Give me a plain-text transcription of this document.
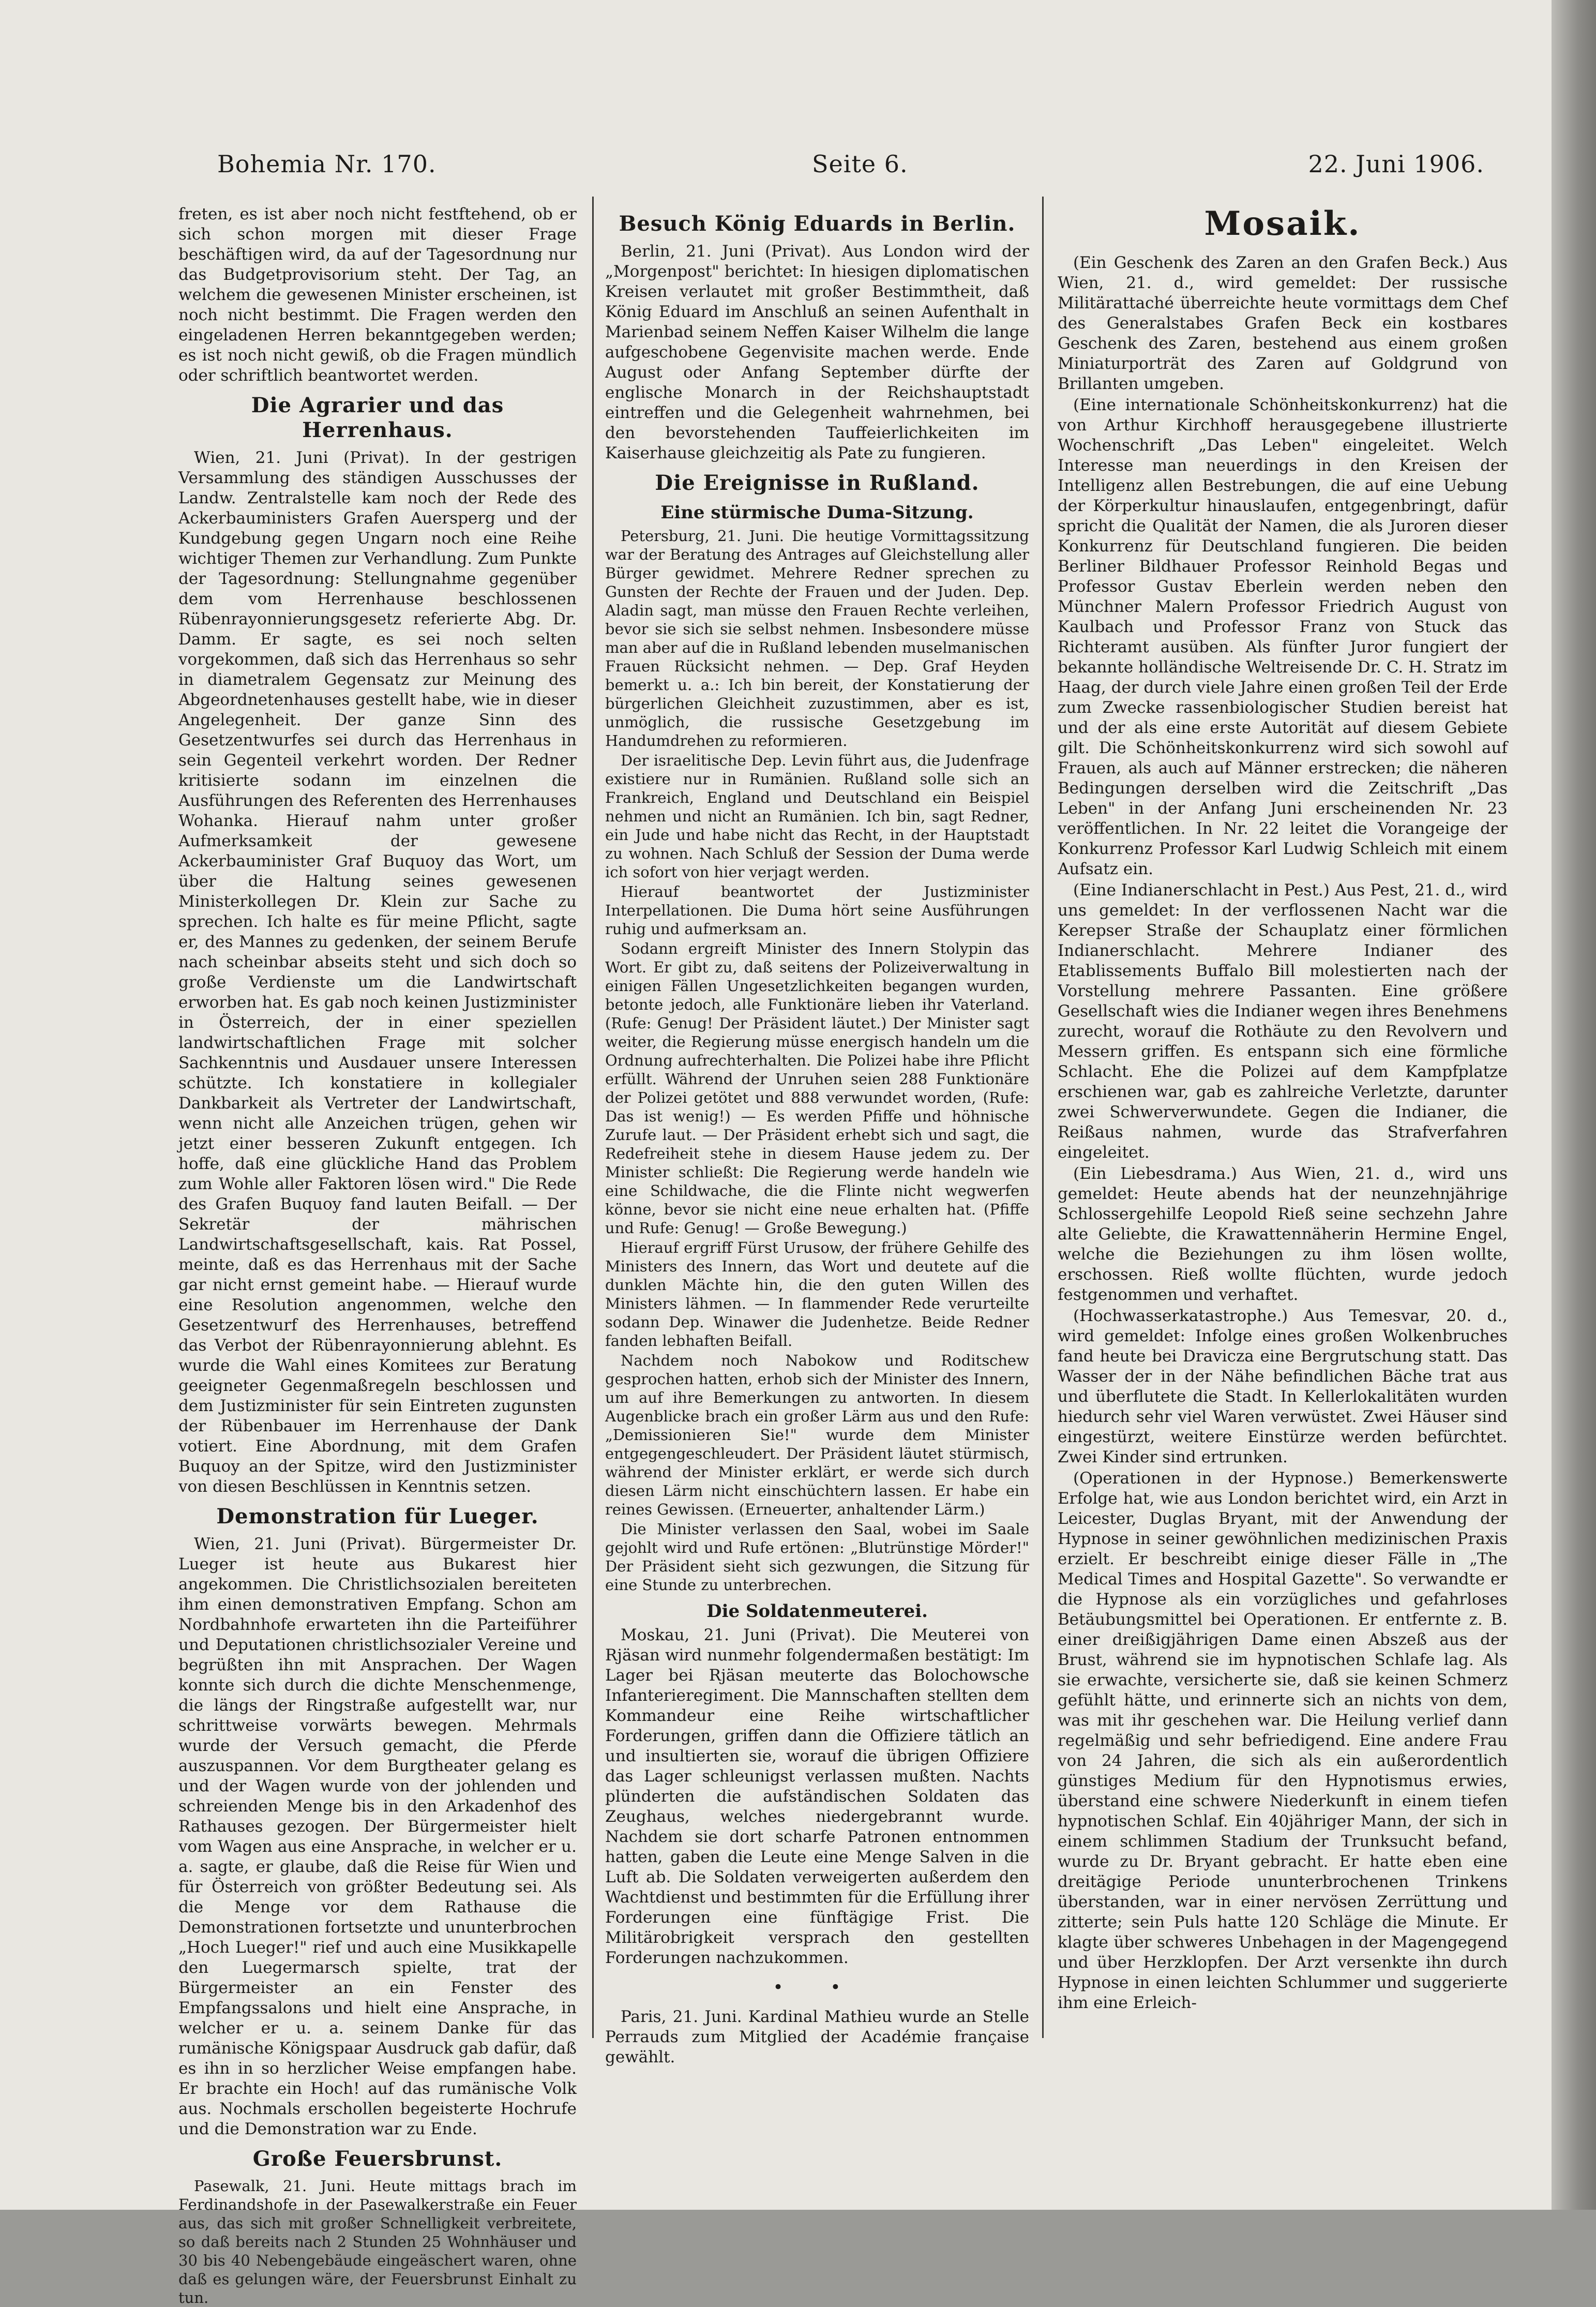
Bohemia Nr. 170.	Seite 6.	22. Juni 1906.

freten, es ist aber noch nicht festftehend, ob er sich schon morgen mit dieser Frage beschäftigen wird, da auf der Tagesordnung nur das Budgetprovisorium steht. Der Tag, an welchem die gewesenen Minister erscheinen, ist noch nicht bestimmt. Die Fragen werden den eingeladenen Herren bekanntgegeben werden; es ist noch nicht gewiß, ob die Fragen mündlich oder schriftlich beantwortet werden.

Die Agrarier und das Herrenhaus.

Wien, 21. Juni (Privat). In der gestrigen Versammlung des ständigen Ausschusses der Landw. Zentralstelle kam noch der Rede des Ackerbauministers Grafen Auersperg und der Kundgebung gegen Ungarn noch eine Reihe wichtiger Themen zur Verhandlung. Zum Punkte der Tagesordnung: Stellungnahme gegenüber dem vom Herrenhause beschlossenen Rübenrayonnierungsgesetz referierte Abg. Dr. Damm. Er sagte, es sei noch selten vorgekommen, daß sich das Herrenhaus so sehr in diametralem Gegensatz zur Meinung des Abgeordnetenhauses gestellt habe, wie in dieser Angelegenheit. Der ganze Sinn des Gesetzentwurfes sei durch das Herrenhaus in sein Gegenteil verkehrt worden. Der Redner kritisierte sodann im einzelnen die Ausführungen des Referenten des Herrenhauses Wohanka. Hierauf nahm unter großer Aufmerksamkeit der gewesene Ackerbauminister Graf Buquoy das Wort, um über die Haltung seines gewesenen Ministerkollegen Dr. Klein zur Sache zu sprechen. Ich halte es für meine Pflicht, sagte er, des Mannes zu gedenken, der seinem Berufe nach scheinbar abseits steht und sich doch so große Verdienste um die Landwirtschaft erworben hat. Es gab noch keinen Justizminister in Österreich, der in einer speziellen landwirtschaftlichen Frage mit solcher Sachkenntnis und Ausdauer unsere Interessen schützte. Ich konstatiere in kollegialer Dankbarkeit als Vertreter der Landwirtschaft, wenn nicht alle Anzeichen trügen, gehen wir jetzt einer besseren Zukunft entgegen. Ich hoffe, daß eine glückliche Hand das Problem zum Wohle aller Faktoren lösen wird." Die Rede des Grafen Buquoy fand lauten Beifall. — Der Sekretär der mährischen Landwirtschaftsgesellschaft, kais. Rat Possel, meinte, daß es das Herrenhaus mit der Sache gar nicht ernst gemeint habe. — Hierauf wurde eine Resolution angenommen, welche den Gesetzentwurf des Herrenhauses, betreffend das Verbot der Rübenrayonnierung ablehnt. Es wurde die Wahl eines Komitees zur Beratung geeigneter Gegenmaßregeln beschlossen und dem Justizminister für sein Eintreten zugunsten der Rübenbauer im Herrenhause der Dank votiert. Eine Abordnung, mit dem Grafen Buquoy an der Spitze, wird den Justizminister von diesen Beschlüssen in Kenntnis setzen.

Demonstration für Lueger.

Wien, 21. Juni (Privat). Bürgermeister Dr. Lueger ist heute aus Bukarest hier angekommen. Die Christlichsozialen bereiteten ihm einen demonstrativen Empfang. Schon am Nordbahnhofe erwarteten ihn die Parteiführer und Deputationen christlichsozialer Vereine und begrüßten ihn mit Ansprachen. Der Wagen konnte sich durch die dichte Menschenmenge, die längs der Ringstraße aufgestellt war, nur schrittweise vorwärts bewegen. Mehrmals wurde der Versuch gemacht, die Pferde auszuspannen. Vor dem Burgtheater gelang es und der Wagen wurde von der johlenden und schreienden Menge bis in den Arkadenhof des Rathauses gezogen. Der Bürgermeister hielt vom Wagen aus eine Ansprache, in welcher er u. a. sagte, er glaube, daß die Reise für Wien und für Österreich von größter Bedeutung sei. Als die Menge vor dem Rathause die Demonstrationen fortsetzte und ununterbrochen „Hoch Lueger!" rief und auch eine Musikkapelle den Luegermarsch spielte, trat der Bürgermeister an ein Fenster des Empfangssalons und hielt eine Ansprache, in welcher er u. a. seinem Danke für das rumänische Königspaar Ausdruck gab dafür, daß es ihn in so herzlicher Weise empfangen habe. Er brachte ein Hoch! auf das rumänische Volk aus. Nochmals erschollen begeisterte Hochrufe und die Demonstration war zu Ende.

Große Feuersbrunst.

Pasewalk, 21. Juni. Heute mittags brach im Ferdinandshofe in der Pasewalkerstraße ein Feuer aus, das sich mit großer Schnelligkeit verbreitete, so daß bereits nach 2 Stunden 25 Wohnhäuser und 30 bis 40 Nebengebäude eingeäschert waren, ohne daß es gelungen wäre, der Feuersbrunst Einhalt zu tun.

Besuch König Eduards in Berlin.

Berlin, 21. Juni (Privat). Aus London wird der „Morgenpost" berichtet: In hiesigen diplomatischen Kreisen verlautet mit großer Bestimmtheit, daß König Eduard im Anschluß an seinen Aufenthalt in Marienbad seinem Neffen Kaiser Wilhelm die lange aufgeschobene Gegenvisite machen werde. Ende August oder Anfang September dürfte der englische Monarch in der Reichshauptstadt eintreffen und die Gelegenheit wahrnehmen, bei den bevorstehenden Tauffeierlichkeiten im Kaiserhause gleichzeitig als Pate zu fungieren.

Die Ereignisse in Rußland.
Eine stürmische Duma-Sitzung.

Petersburg, 21. Juni. Die heutige Vormittagssitzung war der Beratung des Antrages auf Gleichstellung aller Bürger gewidmet. Mehrere Redner sprechen zu Gunsten der Rechte der Frauen und der Juden. Dep. Aladin sagt, man müsse den Frauen Rechte verleihen, bevor sie sich sie selbst nehmen. Insbesondere müsse man aber auf die in Rußland lebenden muselmanischen Frauen Rücksicht nehmen. — Dep. Graf Heyden bemerkt u. a.: Ich bin bereit, der Konstatierung der bürgerlichen Gleichheit zuzustimmen, aber es ist, unmöglich, die russische Gesetzgebung im Handumdrehen zu reformieren.

Der israelitische Dep. Levin führt aus, die Judenfrage existiere nur in Rumänien. Rußland solle sich an Frankreich, England und Deutschland ein Beispiel nehmen und nicht an Rumänien. Ich bin, sagt Redner, ein Jude und habe nicht das Recht, in der Hauptstadt zu wohnen. Nach Schluß der Session der Duma werde ich sofort von hier verjagt werden.

Hierauf beantwortet der Justizminister Interpellationen. Die Duma hört seine Ausführungen ruhig und aufmerksam an.

Sodann ergreift Minister des Innern Stolypin das Wort. Er gibt zu, daß seitens der Polizeiverwaltung in einigen Fällen Ungesetzlichkeiten begangen wurden, betonte jedoch, alle Funktionäre lieben ihr Vaterland. (Rufe: Genug! Der Präsident läutet.) Der Minister sagt weiter, die Regierung müsse energisch handeln um die Ordnung aufrechterhalten. Die Polizei habe ihre Pflicht erfüllt. Während der Unruhen seien 288 Funktionäre der Polizei getötet und 888 verwundet worden, (Rufe: Das ist wenig!) — Es werden Pfiffe und höhnische Zurufe laut. — Der Präsident erhebt sich und sagt, die Redefreiheit stehe in diesem Hause jedem zu. Der Minister schließt: Die Regierung werde handeln wie eine Schildwache, die die Flinte nicht wegwerfen könne, bevor sie nicht eine neue erhalten hat. (Pfiffe und Rufe: Genug! — Große Bewegung.)

Hierauf ergriff Fürst Urusow, der frühere Gehilfe des Ministers des Innern, das Wort und deutete auf die dunklen Mächte hin, die den guten Willen des Ministers lähmen. — In flammender Rede verurteilte sodann Dep. Winawer die Judenhetze. Beide Redner fanden lebhaften Beifall.

Nachdem noch Nabokow und Roditschew gesprochen hatten, erhob sich der Minister des Innern, um auf ihre Bemerkungen zu antworten. In diesem Augenblicke brach ein großer Lärm aus und den Rufe: „Demissionieren Sie!" wurde dem Minister entgegengeschleudert. Der Präsident läutet stürmisch, während der Minister erklärt, er werde sich durch diesen Lärm nicht einschüchtern lassen. Er habe ein reines Gewissen. (Erneuerter, anhaltender Lärm.)

Die Minister verlassen den Saal, wobei im Saale gejohlt wird und Rufe ertönen: „Blutrünstige Mörder!" Der Präsident sieht sich gezwungen, die Sitzung für eine Stunde zu unterbrechen.

Die Soldatenmeuterei.

Moskau, 21. Juni (Privat). Die Meuterei von Rjäsan wird nunmehr folgendermaßen bestätigt: Im Lager bei Rjäsan meuterte das Bolochowsche Infanterieregiment. Die Mannschaften stellten dem Kommandeur eine Reihe wirtschaftlicher Forderungen, griffen dann die Offiziere tätlich an und insultierten sie, worauf die übrigen Offiziere das Lager schleunigst verlassen mußten. Nachts plünderten die aufständischen Soldaten das Zeughaus, welches niedergebrannt wurde. Nachdem sie dort scharfe Patronen entnommen hatten, gaben die Leute eine Menge Salven in die Luft ab. Die Soldaten verweigerten außerdem den Wachtdienst und bestimmten für die Erfüllung ihrer Forderungen eine fünftägige Frist. Die Militärobrigkeit versprach den gestellten Forderungen nachzukommen.

• •

Paris, 21. Juni. Kardinal Mathieu wurde an Stelle Perrauds zum Mitglied der Académie française gewählt.

Mosaik.

(Ein Geschenk des Zaren an den Grafen Beck.) Aus Wien, 21. d., wird gemeldet: Der russische Militärattaché überreichte heute vormittags dem Chef des Generalstabes Grafen Beck ein kostbares Geschenk des Zaren, bestehend aus einem großen Miniaturporträt des Zaren auf Goldgrund von Brillanten umgeben.

(Eine internationale Schönheitskonkurrenz) hat die von Arthur Kirchhoff herausgegebene illustrierte Wochenschrift „Das Leben" eingeleitet. Welch Interesse man neuerdings in den Kreisen der Intelligenz allen Bestrebungen, die auf eine Uebung der Körperkultur hinauslaufen, entgegenbringt, dafür spricht die Qualität der Namen, die als Juroren dieser Konkurrenz für Deutschland fungieren. Die beiden Berliner Bildhauer Professor Reinhold Begas und Professor Gustav Eberlein werden neben den Münchner Malern Professor Friedrich August von Kaulbach und Professor Franz von Stuck das Richteramt ausüben. Als fünfter Juror fungiert der bekannte holländische Weltreisende Dr. C. H. Stratz im Haag, der durch viele Jahre einen großen Teil der Erde zum Zwecke rassenbiologischer Studien bereist hat und der als eine erste Autorität auf diesem Gebiete gilt. Die Schönheitskonkurrenz wird sich sowohl auf Frauen, als auch auf Männer erstrecken; die näheren Bedingungen derselben wird die Zeitschrift „Das Leben" in der Anfang Juni erscheinenden Nr. 23 veröffentlichen. In Nr. 22 leitet die Vorangeige der Konkurrenz Professor Karl Ludwig Schleich mit einem Aufsatz ein.

(Eine Indianerschlacht in Pest.) Aus Pest, 21. d., wird uns gemeldet: In der verflossenen Nacht war die Kerepser Straße der Schauplatz einer förmlichen Indianerschlacht. Mehrere Indianer des Etablissements Buffalo Bill molestierten nach der Vorstellung mehrere Passanten. Eine größere Gesellschaft wies die Indianer wegen ihres Benehmens zurecht, worauf die Rothäute zu den Revolvern und Messern griffen. Es entspann sich eine förmliche Schlacht. Ehe die Polizei auf dem Kampfplatze erschienen war, gab es zahlreiche Verletzte, darunter zwei Schwerverwundete. Gegen die Indianer, die Reißaus nahmen, wurde das Strafverfahren eingeleitet.

(Ein Liebesdrama.) Aus Wien, 21. d., wird uns gemeldet: Heute abends hat der neunzehnjährige Schlossergehilfe Leopold Rieß seine sechzehn Jahre alte Geliebte, die Krawattennäherin Hermine Engel, welche die Beziehungen zu ihm lösen wollte, erschossen. Rieß wollte flüchten, wurde jedoch festgenommen und verhaftet.

(Hochwasserkatastrophe.) Aus Temesvar, 20. d., wird gemeldet: Infolge eines großen Wolkenbruches fand heute bei Dravicza eine Bergrutschung statt. Das Wasser der in der Nähe befindlichen Bäche trat aus und überflutete die Stadt. In Kellerlokalitäten wurden hiedurch sehr viel Waren verwüstet. Zwei Häuser sind eingestürzt, weitere Einstürze werden befürchtet. Zwei Kinder sind ertrunken.

(Operationen in der Hypnose.) Bemerkenswerte Erfolge hat, wie aus London berichtet wird, ein Arzt in Leicester, Duglas Bryant, mit der Anwendung der Hypnose in seiner gewöhnlichen medizinischen Praxis erzielt. Er beschreibt einige dieser Fälle in „The Medical Times and Hospital Gazette". So verwandte er die Hypnose als ein vorzügliches und gefahrloses Betäubungsmittel bei Operationen. Er entfernte z. B. einer dreißigjährigen Dame einen Abszeß aus der Brust, während sie im hypnotischen Schlafe lag. Als sie erwachte, versicherte sie, daß sie keinen Schmerz gefühlt hätte, und erinnerte sich an nichts von dem, was mit ihr geschehen war. Die Heilung verlief dann regelmäßig und sehr befriedigend. Eine andere Frau von 24 Jahren, die sich als ein außerordentlich günstiges Medium für den Hypnotismus erwies, überstand eine schwere Niederkunft in einem tiefen hypnotischen Schlaf. Ein 40jähriger Mann, der sich in einem schlimmen Stadium der Trunksucht befand, wurde zu Dr. Bryant gebracht. Er hatte eben eine dreitägige Periode ununterbrochenen Trinkens überstanden, war in einer nervösen Zerrüttung und zitterte; sein Puls hatte 120 Schläge die Minute. Er klagte über schweres Unbehagen in der Magengegend und über Herzklopfen. Der Arzt versenkte ihn durch Hypnose in einen leichten Schlummer und suggerierte ihm eine Erleich-
